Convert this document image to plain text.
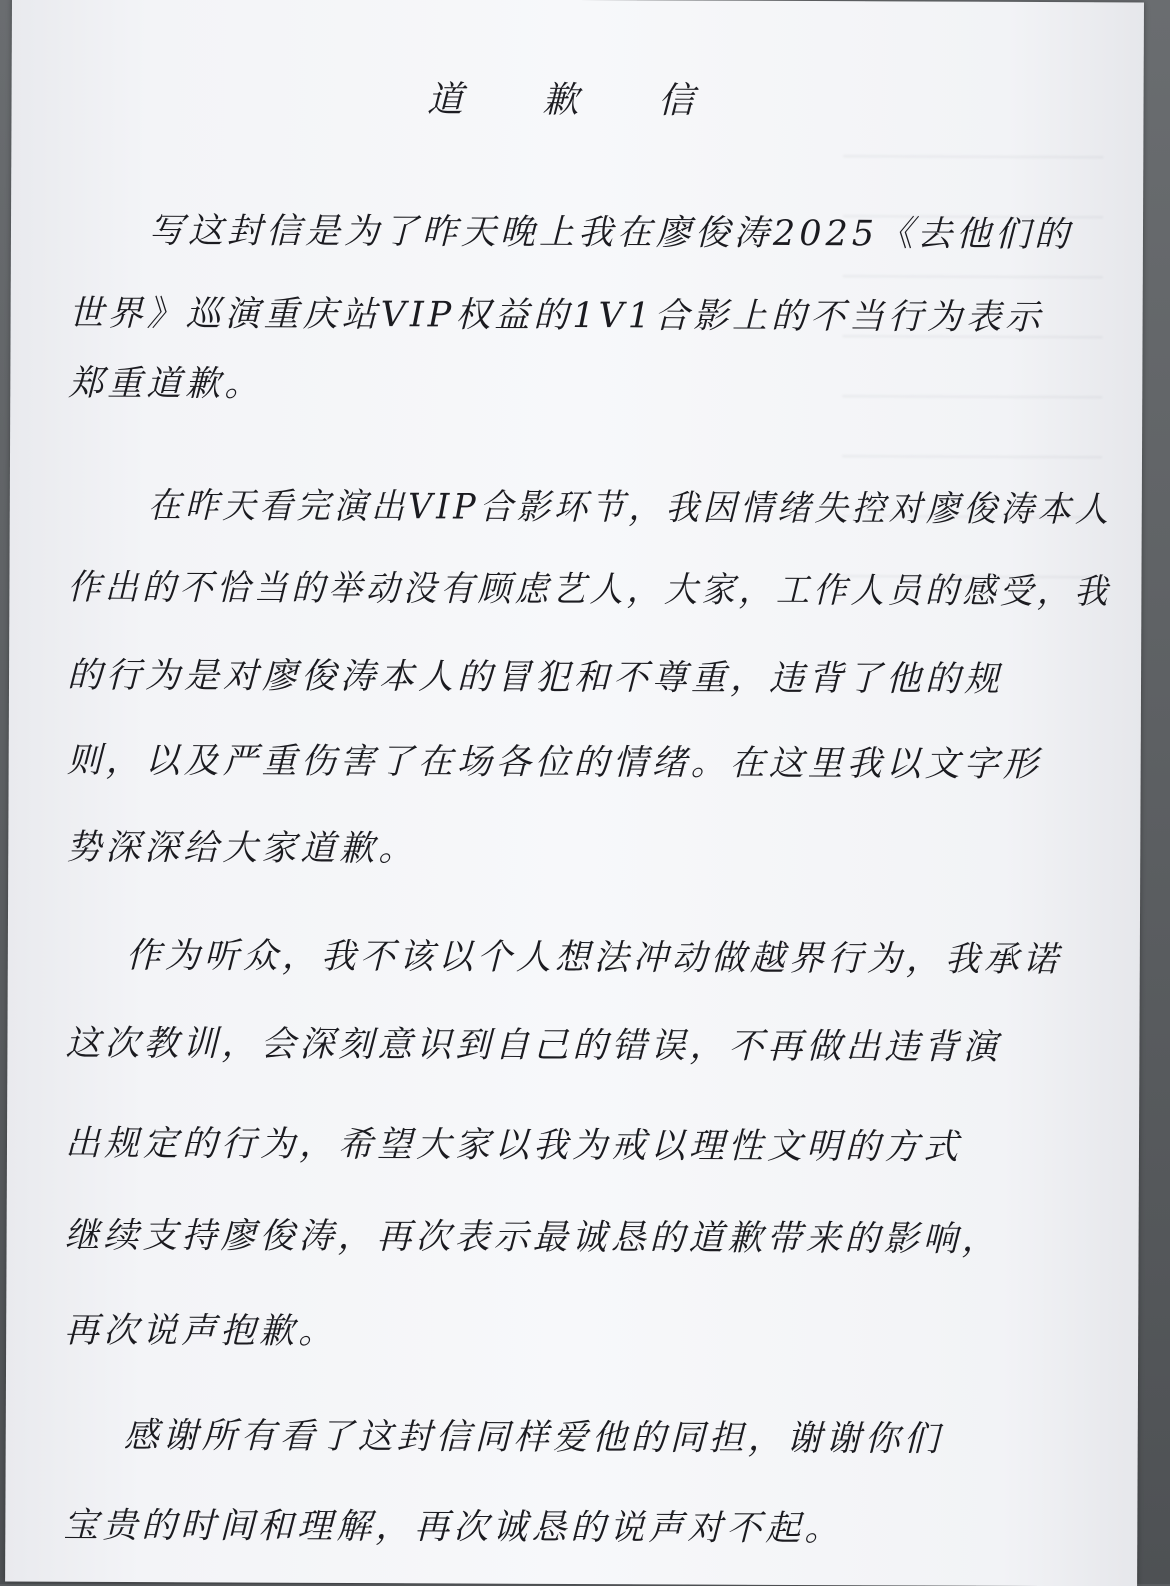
道 歉 信
写这封信是为了昨天晚上我在廖俊涛2025《去他们的
世界》巡演重庆站VIP权益的1V1合影上的不当行为表示
郑重道歉。
在昨天看完演出VIP合影环节，我因情绪失控对廖俊涛本人
作出的不恰当的举动没有顾虑艺人，大家，工作人员的感受，我
的行为是对廖俊涛本人的冒犯和不尊重，违背了他的规
则，以及严重伤害了在场各位的情绪。在这里我以文字形
势深深给大家道歉。
作为听众，我不该以个人想法冲动做越界行为，我承诺
这次教训，会深刻意识到自己的错误，不再做出违背演
出规定的行为，希望大家以我为戒以理性文明的方式
继续支持廖俊涛，再次表示最诚恳的道歉带来的影响，
再次说声抱歉。
感谢所有看了这封信同样爱他的同担，谢谢你们
宝贵的时间和理解，再次诚恳的说声对不起。
